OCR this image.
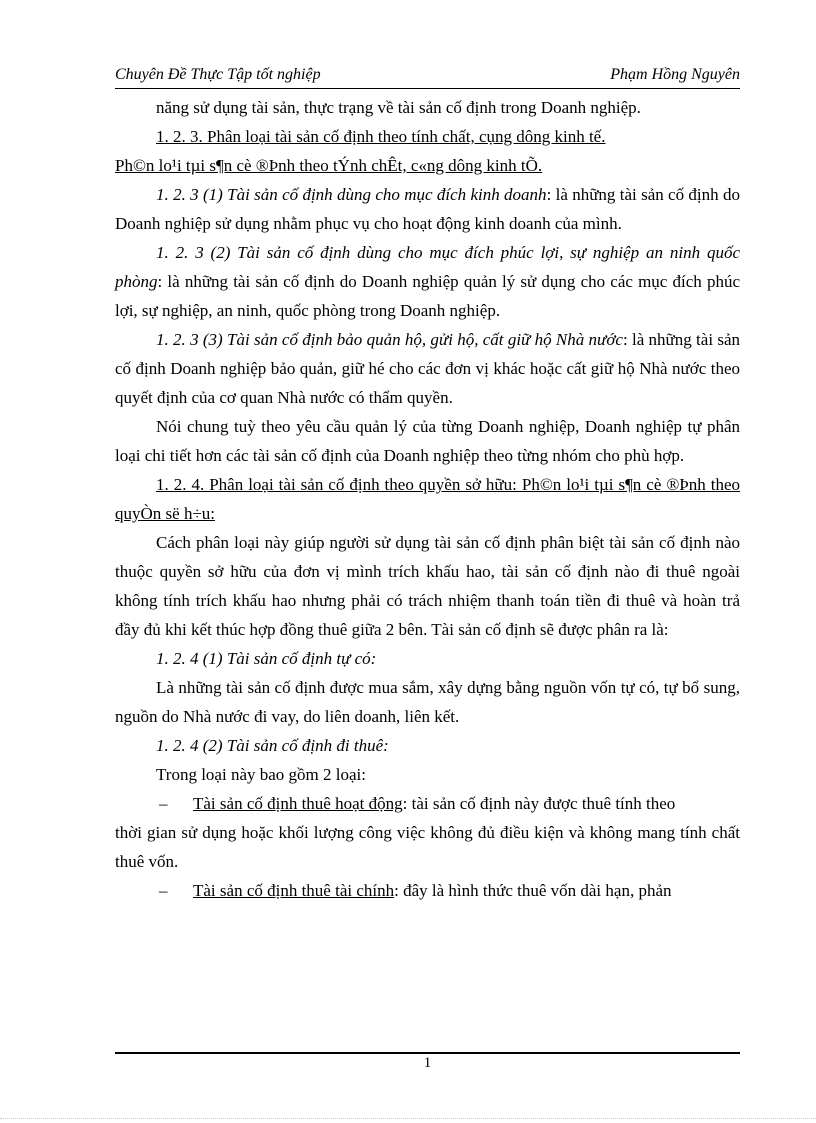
Chuyên Đề Thực Tập tốt nghiệp	Phạm Hồng Nguyên

năng sử dụng tài sản, thực trạng về tài sản cố định trong Doanh nghiệp.

1. 2. 3. Phân loại tài sản cố định theo tính chất, cụng dông kinh tế.

Ph©n lo¹i tµi s¶n cè ®Þnh theo tÝnh chÊt, c«ng dông kinh tÕ.

1. 2. 3 (1) Tài sản cố định dùng cho mục đích kinh doanh: là những tài sản cố định do Doanh nghiệp sử dụng nhằm phục vụ cho hoạt động kinh doanh của mình.

1. 2. 3 (2) Tài sản cố định dùng cho mục đích phúc lợi, sự nghiệp an ninh quốc phòng: là những tài sản cố định do Doanh nghiệp quản lý sử dụng cho các mục đích phúc lợi, sự nghiệp, an ninh, quốc phòng trong Doanh nghiệp.

1. 2. 3 (3) Tài sản cố định bảo quản hộ, gửi hộ, cất giữ hộ Nhà nước: là những tài sản cố định Doanh nghiệp bảo quản, giữ hé cho các đơn vị khác hoặc cất giữ hộ Nhà nước theo quyết định của cơ quan Nhà nước có thẩm quyền.

Nói chung tuỳ theo yêu cầu quản lý của từng Doanh nghiệp, Doanh nghiệp tự phân loại chi tiết hơn các tài sản cố định của Doanh nghiệp theo từng nhóm cho phù hợp.

1. 2. 4. Phân loại tài sản cố định theo quyền sở hữu: Ph©n lo¹i tµi s¶n cè ®Þnh theo quyÒn së h÷u:

Cách phân loại này giúp người sử dụng tài sản cố định phân biệt tài sản cố định nào thuộc quyền sở hữu của đơn vị mình trích khấu hao, tài sản cố định nào đi thuê ngoài không tính trích khấu hao nhưng phải có trách nhiệm thanh toán tiền đi thuê và hoàn trả đầy đủ khi kết thúc hợp đồng thuê giữa 2 bên. Tài sản cố định sẽ được phân ra là:

1. 2. 4 (1) Tài sản cố định tự có:

Là những tài sản cố định được mua sắm, xây dựng bằng nguồn vốn tự có, tự bổ sung, nguồn do Nhà nước đi vay, do liên doanh, liên kết.

1. 2. 4 (2) Tài sản cố định đi thuê:

Trong loại này bao gồm 2 loại:

–	Tài sản cố định thuê hoạt động: tài sản cố định này được thuê tính theo

thời gian sử dụng hoặc khối lượng công việc không đủ điều kiện và không mang tính chất thuê vốn.

–	Tài sản cố định thuê tài chính: đây là hình thức thuê vốn dài hạn, phản
1
